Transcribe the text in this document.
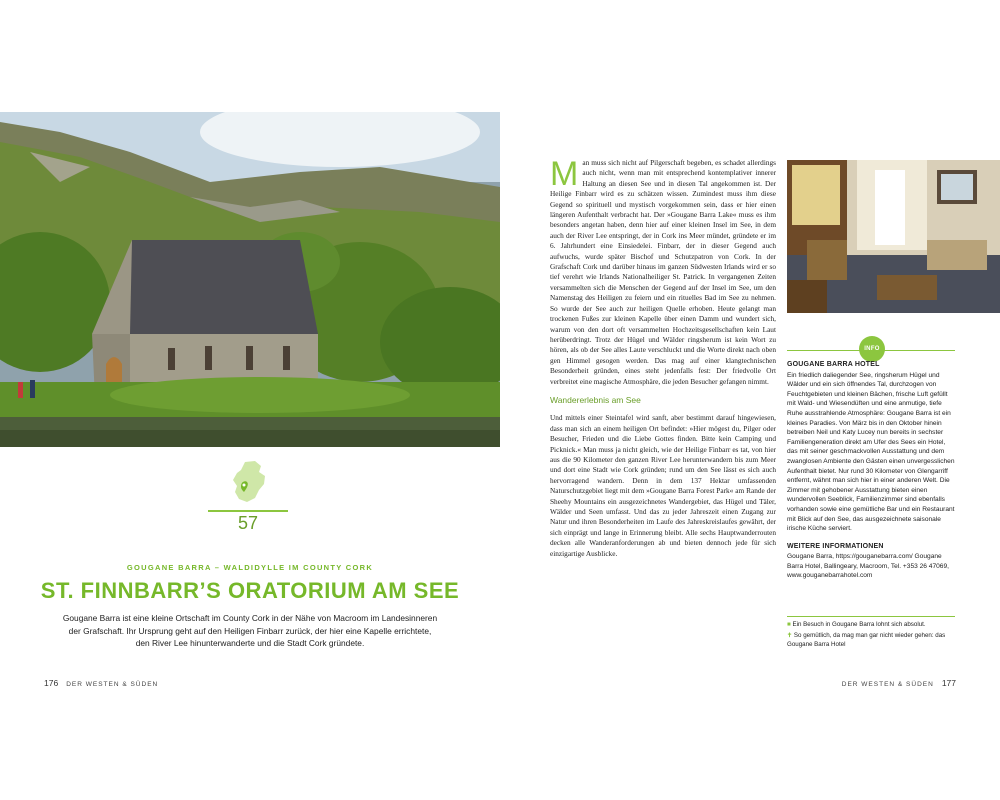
57
GOUGANE BARRA – WALDIDYLLE IM COUNTY CORK
ST. FINNBARR’S ORATORIUM AM SEE
Gougane Barra ist eine kleine Ortschaft im County Cork in der Nähe von Macroom im Landesinneren der Grafschaft. Ihr Ursprung geht auf den Heiligen Finbarr zurück, der hier eine Kapelle errichtete, den River Lee hinunterwanderte und die Stadt Cork gründete.
176 DER WESTEN & SÜDEN

Man muss sich nicht auf Pilgerschaft begeben, es schadet allerdings auch nicht, wenn man mit entsprechend kontemplativer innerer Haltung an diesen See und in diesen Tal angekommen ist. Der Heilige Finbarr wird es zu schätzen wissen. Zumindest muss ihm diese Gegend so spirituell und mystisch vorgekommen sein, dass er hier einen längeren Aufenthalt verbracht hat. Der »Gougane Barra Lake« muss es ihm besonders angetan haben, denn hier auf einer kleinen Insel im See, in dem auch der River Lee entspringt, der in Cork ins Meer mündet, gründete er im 6. Jahrhundert eine Einsiedelei. Finbarr, der in dieser Gegend auch aufwuchs, wurde später Bischof und Schutzpatron von Cork. In der Grafschaft Cork und darüber hinaus im ganzen Südwesten Irlands wird er so tief verehrt wie Irlands Nationalheiliger St. Patrick. In vergangenen Zeiten versammelten sich die Menschen der Gegend auf der Insel im See, um den Namenstag des Heiligen zu feiern und ein rituelles Bad im See zu nehmen. So wurde der See auch zur heiligen Quelle erhoben. Heute gelangt man trockenen Fußes zur kleinen Kapelle über einen Damm und wundert sich, warum von den dort oft versammelten Hochzeitsgesellschaften kein Laut herüberdringt. Trotz der Hügel und Wälder ringsherum ist kein Wort zu hören, als ob der See alles Laute verschluckt und die Worte direkt nach oben gen Himmel gesogen werden. Das mag auf einer klangtechnischen Besonderheit gründen, eines steht jedenfalls fest: Der friedvolle Ort verbreitet eine magische Atmosphäre, die jeden Besucher gefangen nimmt.

Wandererlebnis am See

Und mittels einer Steintafel wird sanft, aber bestimmt darauf hingewiesen, dass man sich an einem heiligen Ort befindet: »Hier mögest du, Pilger oder Besucher, Frieden und die Liebe Gottes finden. Bitte kein Camping und Picknick.« Man muss ja nicht gleich, wie der Heilige Finbarr es tat, von hier aus die 90 Kilometer den ganzen River Lee herunterwandern bis zum Meer und dort eine Stadt wie Cork gründen; rund um den See lässt es sich auch hervorragend wandern. Denn in dem 137 Hektar umfassenden Naturschutzgebiet liegt mit dem »Gougane Barra Forest Park« am Rande der Sheehy Mountains ein ausgezeichnetes Wandergebiet, das Hügel und Täler, Wälder und Seen umfasst. Und das zu jeder Jahreszeit einen Zugang zur Natur und ihren Besonderheiten im Laufe des Jahreskreislaufes gewährt, der sich einprägt und lange in Erinnerung bleibt. Alle sechs Hauptwanderrouten decken alle Wanderanforderungen ab und bieten dennoch jede für sich einzigartige Ausblicke.

INFO
GOUGANE BARRA HOTEL

Ein friedlich daliegender See, ringsherum Hügel und Wälder und ein sich öffnendes Tal, durchzogen von Feuchtgebieten und kleinen Bächen, frische Luft gefüllt mit Wald- und Wiesendüften und eine anmutige, tiefe Ruhe ausstrahlende Atmosphäre: Gougane Barra ist ein kleines Paradies. Von März bis in den Oktober hinein betreiben Neil und Katy Lucey nun bereits in sechster Familiengeneration direkt am Ufer des Sees ein Hotel, das mit seiner geschmackvollen Ausstattung und dem zwanglosen Ambiente den Gästen einen unvergesslichen Aufenthalt bietet. Nur rund 30 Kilometer von Glengarriff entfernt, wähnt man sich hier in einer anderen Welt. Die Zimmer mit gehobener Ausstattung bieten einen wundervollen Seeblick, Familienzimmer sind ebenfalls vorhanden sowie eine gemütliche Bar und ein Restaurant mit Blick auf den See, das ausgezeichnete saisonale irische Küche serviert.

WEITERE INFORMATIONEN

Gougane Barra, https://gouganebarra.com/ Gougane Barra Hotel, Ballingeary, Macroom, Tel. +353 26 47069, www.gouganebarrahotel.com

■ Ein Besuch in Gougane Barra lohnt sich absolut.
✝ So gemütlich, da mag man gar nicht wieder gehen: das Gougane Barra Hotel
DER WESTEN & SÜDEN 177
